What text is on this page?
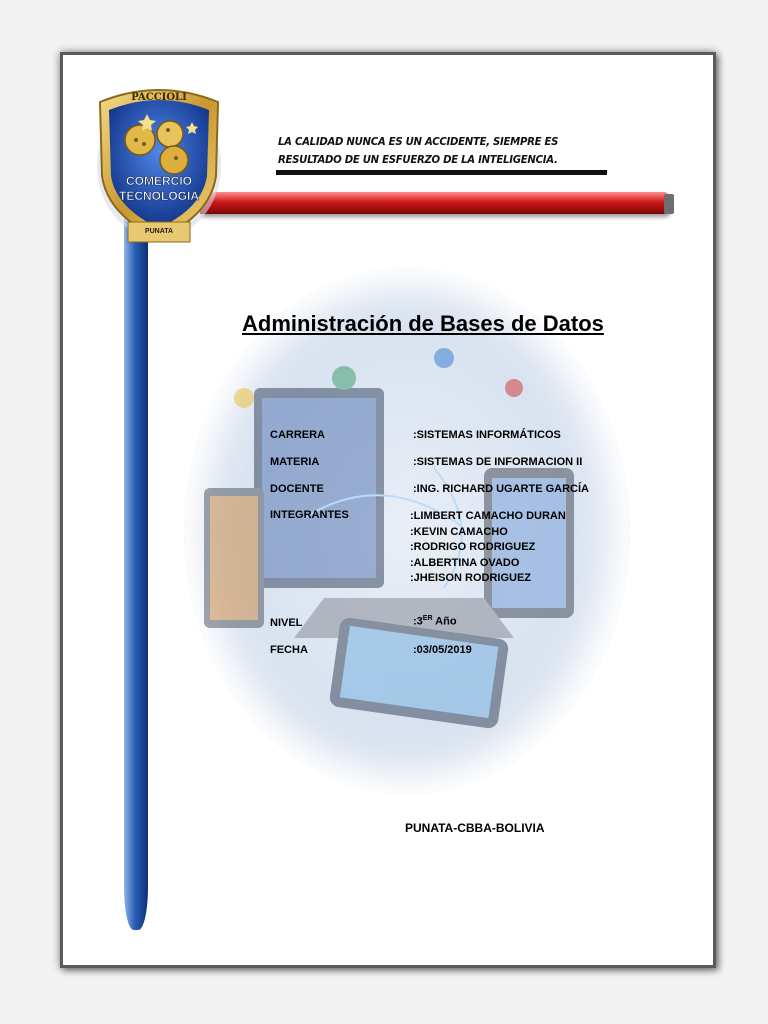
PACCIOLI
COMERCIO
TECNOLOGIA
PUNATA
LA CALIDAD NUNCA ES UN ACCIDENTE, SIEMPRE ES RESULTADO DE UN ESFUERZO DE LA INTELIGENCIA.
Administración de Bases de Datos
CARRERA	:SISTEMAS INFORMÁTICOS
MATERIA	:SISTEMAS DE INFORMACION II
DOCENTE	:ING. RICHARD UGARTE GARCÍA
INTEGRANTES	:LIMBERT CAMACHO DURAN
:KEVIN CAMACHO
:RODRIGO RODRIGUEZ
:ALBERTINA OVADO
:JHEISON RODRIGUEZ
NIVEL	:3ER Año
FECHA	:03/05/2019
PUNATA-CBBA-BOLIVIA
